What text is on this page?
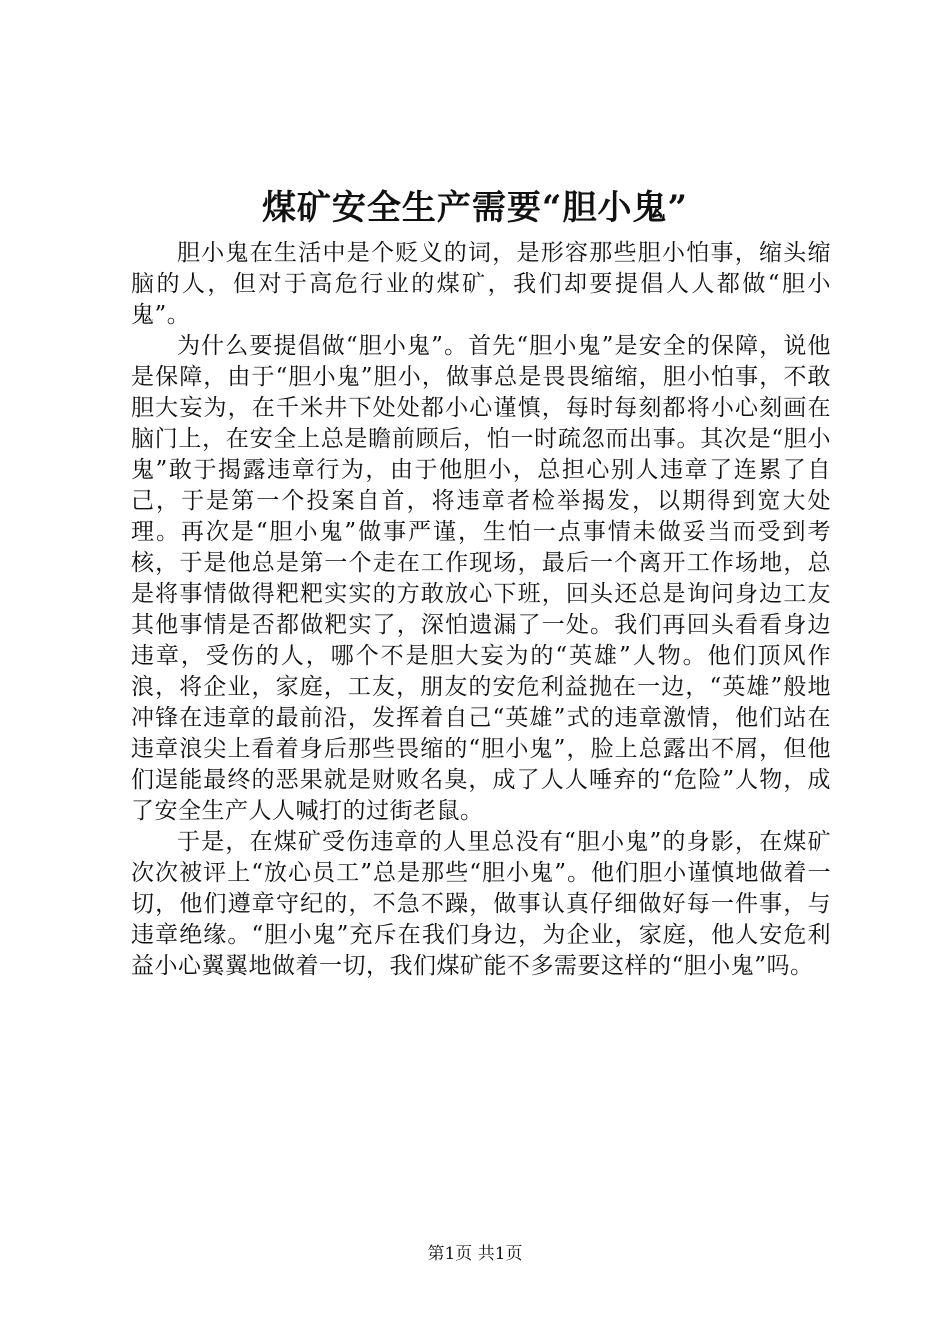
煤矿安全生产需要“胆小鬼”

胆小鬼在生活中是个贬义的词，是形容那些胆小怕事，缩头缩脑的人，但对于高危行业的煤矿，我们却要提倡人人都做“胆小鬼”。

为什么要提倡做“胆小鬼”。首先“胆小鬼”是安全的保障，说他是保障，由于“胆小鬼”胆小，做事总是畏畏缩缩，胆小怕事，不敢胆大妄为，在千米井下处处都小心谨慎，每时每刻都将小心刻画在脑门上，在安全上总是瞻前顾后，怕一时疏忽而出事。其次是“胆小鬼”敢于揭露违章行为，由于他胆小，总担心别人违章了连累了自己，于是第一个投案自首，将违章者检举揭发，以期得到宽大处理。再次是“胆小鬼”做事严谨，生怕一点事情未做妥当而受到考核，于是他总是第一个走在工作现场，最后一个离开工作场地，总是将事情做得粑粑实实的方敢放心下班，回头还总是询问身边工友其他事情是否都做粑实了，深怕遗漏了一处。我们再回头看看身边违章，受伤的人，哪个不是胆大妄为的“英雄”人物。他们顶风作浪，将企业，家庭，工友，朋友的安危利益抛在一边，“英雄”般地冲锋在违章的最前沿，发挥着自己“英雄”式的违章激情，他们站在违章浪尖上看着身后那些畏缩的“胆小鬼”，脸上总露出不屑，但他们逞能最终的恶果就是财败名臭，成了人人唾弃的“危险”人物，成了安全生产人人喊打的过街老鼠。

于是，在煤矿受伤违章的人里总没有“胆小鬼”的身影，在煤矿次次被评上“放心员工”总是那些“胆小鬼”。他们胆小谨慎地做着一切，他们遵章守纪的，不急不躁，做事认真仔细做好每一件事，与违章绝缘。“胆小鬼”充斥在我们身边，为企业，家庭，他人安危利益小心翼翼地做着一切，我们煤矿能不多需要这样的“胆小鬼”吗。

第1页 共1页
